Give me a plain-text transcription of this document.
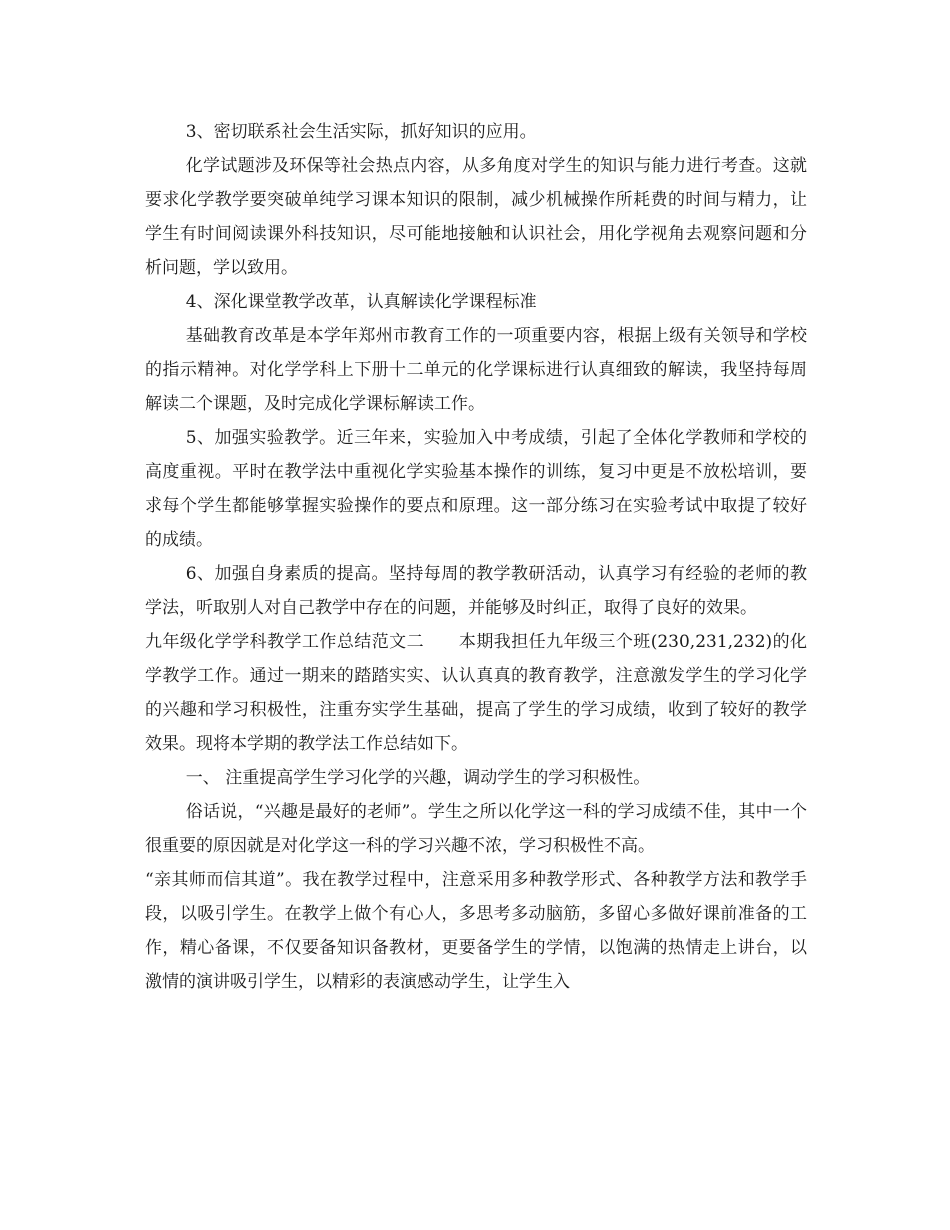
3、密切联系社会生活实际，抓好知识的应用。

化学试题涉及环保等社会热点内容，从多角度对学生的知识与能力进行考查。这就要求化学教学要突破单纯学习课本知识的限制，减少机械操作所耗费的时间与精力，让学生有时间阅读课外科技知识，尽可能地接触和认识社会，用化学视角去观察问题和分析问题，学以致用。

4、深化课堂教学改革，认真解读化学课程标准

基础教育改革是本学年郑州市教育工作的一项重要内容，根据上级有关领导和学校的指示精神。对化学学科上下册十二单元的化学课标进行认真细致的解读，我坚持每周解读二个课题，及时完成化学课标解读工作。

5、加强实验教学。近三年来，实验加入中考成绩，引起了全体化学教师和学校的高度重视。平时在教学法中重视化学实验基本操作的训练，复习中更是不放松培训，要求每个学生都能够掌握实验操作的要点和原理。这一部分练习在实验考试中取提了较好的成绩。

6、加强自身素质的提高。坚持每周的教学教研活动，认真学习有经验的老师的教学法，听取别人对自己教学中存在的问题，并能够及时纠正，取得了良好的效果。

九年级化学学科教学工作总结范文二　　 本期我担任九年级三个班(230,231,232)的化学教学工作。通过一期来的踏踏实实、认认真真的教育教学，注意激发学生的学习化学的兴趣和学习积极性，注重夯实学生基础，提高了学生的学习成绩，收到了较好的教学效果。现将本学期的教学法工作总结如下。

一、 注重提高学生学习化学的兴趣，调动学生的学习积极性。

俗话说，“兴趣是最好的老师”。学生之所以化学这一科的学习成绩不佳，其中一个很重要的原因就是对化学这一科的学习兴趣不浓，学习积极性不高。

“亲其师而信其道”。我在教学过程中，注意采用多种教学形式、各种教学方法和教学手段，以吸引学生。在教学上做个有心人，多思考多动脑筋，多留心多做好课前准备的工作，精心备课，不仅要备知识备教材，更要备学生的学情，以饱满的热情走上讲台，以激情的演讲吸引学生，以精彩的表演感动学生，让学生入
